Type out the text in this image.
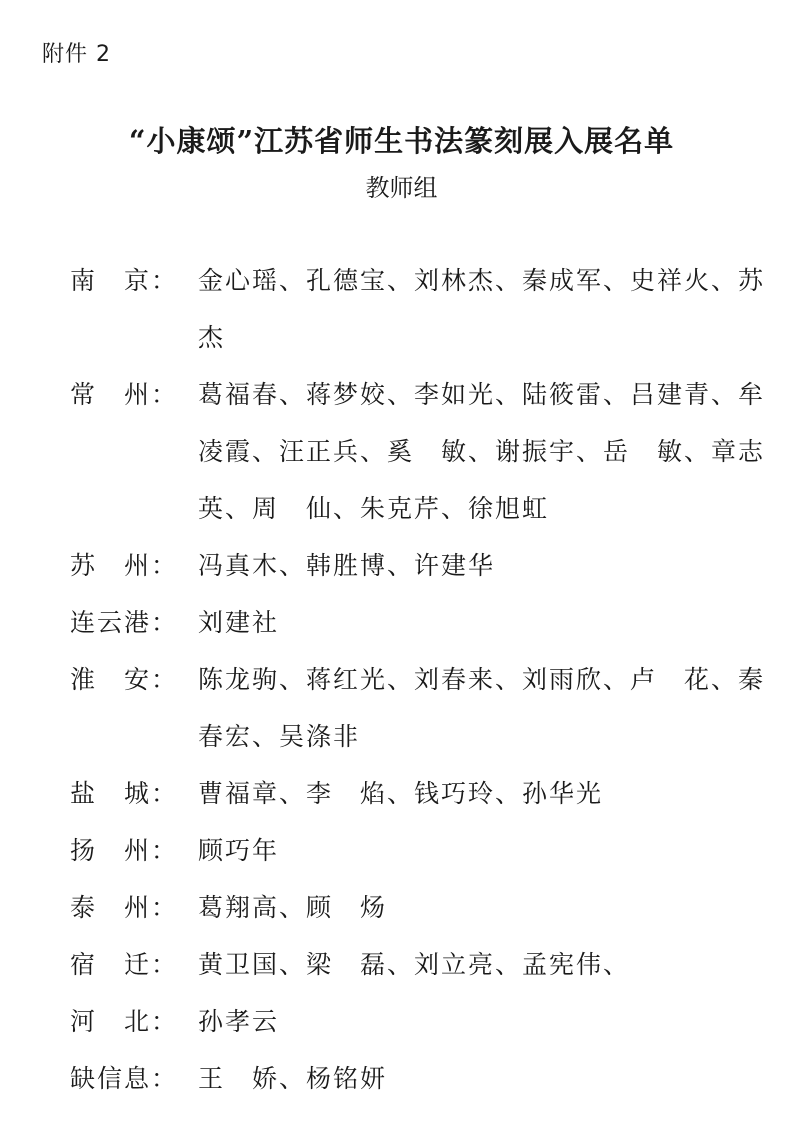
附件 2
“小康颂”江苏省师生书法篆刻展入展名单
教师组
南　京： 金心瑶、孔德宝、刘林杰、秦成军、史祥火、苏杰
常　州： 葛福春、蒋梦姣、李如光、陆筱雷、吕建青、牟凌霞、汪正兵、奚　敏、谢振宇、岳　敏、章志英、周　仙、朱克芹、徐旭虹
苏　州： 冯真木、韩胜博、许建华
连云港： 刘建社
淮　安： 陈龙驹、蒋红光、刘春来、刘雨欣、卢　花、秦春宏、吴涤非
盐　城： 曹福章、李　焰、钱巧玲、孙华光
扬　州： 顾巧年
泰　州： 葛翔高、顾　炀
宿　迁： 黄卫国、梁　磊、刘立亮、孟宪伟、
河　北： 孙孝云
缺信息： 王　娇、杨铭妍
